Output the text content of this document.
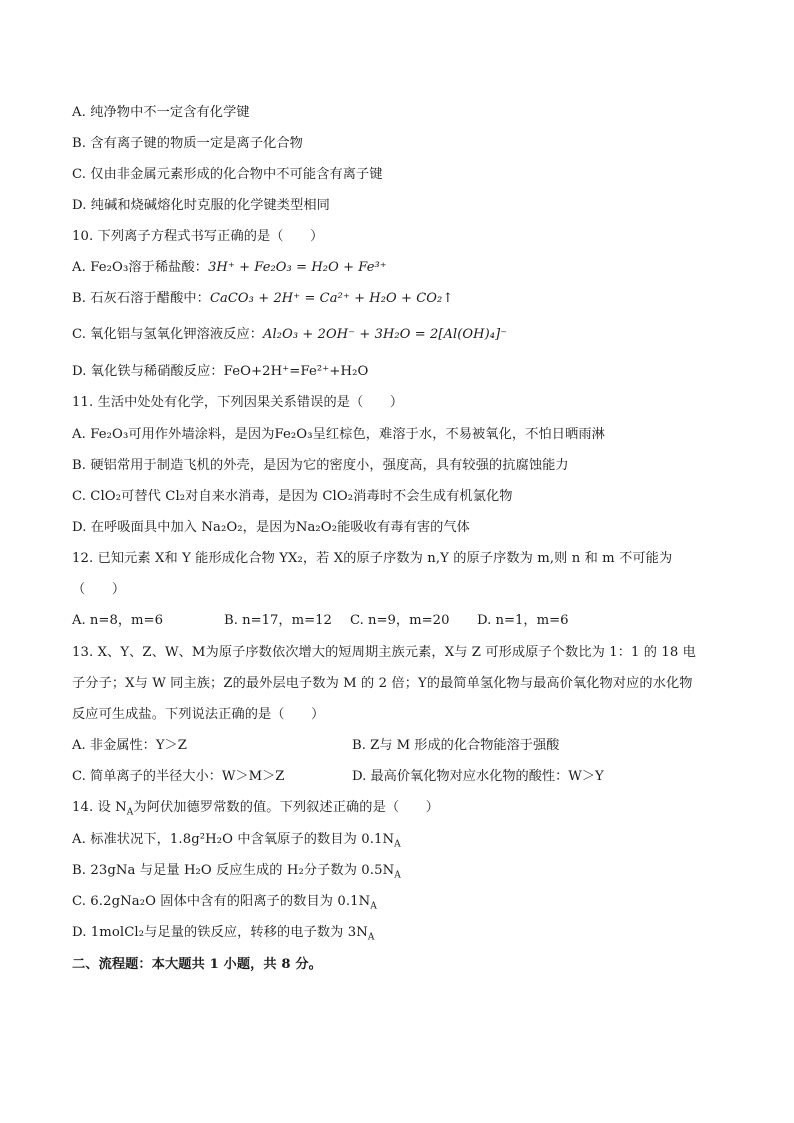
A. 纯净物中不一定含有化学键
B. 含有离子键的物质一定是离子化合物
C. 仅由非金属元素形成的化合物中不可能含有离子键
D. 纯碱和烧碱熔化时克服的化学键类型相同
10. 下列离子方程式书写正确的是（　　）
A. Fe₂O₃溶于稀盐酸：3H⁺ + Fe₂O₃ = H₂O + Fe³⁺
B. 石灰石溶于醋酸中：CaCO₃ + 2H⁺ = Ca²⁺ + H₂O + CO₂↑
C. 氧化铝与氢氧化钾溶液反应：Al₂O₃ + 2OH⁻ + 3H₂O = 2[Al(OH)₄]⁻
D. 氧化铁与稀硝酸反应：FeO+2H⁺=Fe²⁺+H₂O
11. 生活中处处有化学，下列因果关系错误的是（　　）
A. Fe₂O₃可用作外墙涂料，是因为Fe₂O₃呈红棕色，难溶于水，不易被氧化，不怕日晒雨淋
B. 硬铝常用于制造飞机的外壳，是因为它的密度小，强度高，具有较强的抗腐蚀能力
C. ClO₂可替代 Cl₂对自来水消毒，是因为 ClO₂消毒时不会生成有机氯化物
D. 在呼吸面具中加入 Na₂O₂，是因为Na₂O₂能吸收有毒有害的气体
12. 已知元素 X和 Y 能形成化合物 YX₂，若 X的原子序数为 n,Y 的原子序数为 m,则 n 和 m 不可能为
（　　）
A. n=8，m=6	B. n=17，m=12 C. n=9，m=20 D. n=1，m=6
13. X、Y、Z、W、M为原子序数依次增大的短周期主族元素，X与 Z 可形成原子个数比为 1：1 的 18 电
子分子；X与 W 同主族；Z的最外层电子数为 M 的 2 倍；Y的最简单氢化物与最高价氧化物对应的水化物
反应可生成盐。下列说法正确的是（　　）
A. 非金属性：Y＞Z	B. Z与 M 形成的化合物能溶于强酸
C. 简单离子的半径大小：W＞M＞Z	D. 最高价氧化物对应水化物的酸性：W＞Y
14. 设 $N_A$为阿伏加德罗常数的值。下列叙述正确的是（　　）
A. 标准状况下，1.8g²H₂O 中含氧原子的数目为 $0.1N_A$
B. 23gNa 与足量 H₂O 反应生成的 H₂分子数为 $0.5N_A$
C. 6.2gNa₂O 固体中含有的阳离子的数目为 $0.1N_A$
D. 1molCl₂与足量的铁反应，转移的电子数为 $3N_A$
二、流程题：本大题共 1 小题，共 8 分。
